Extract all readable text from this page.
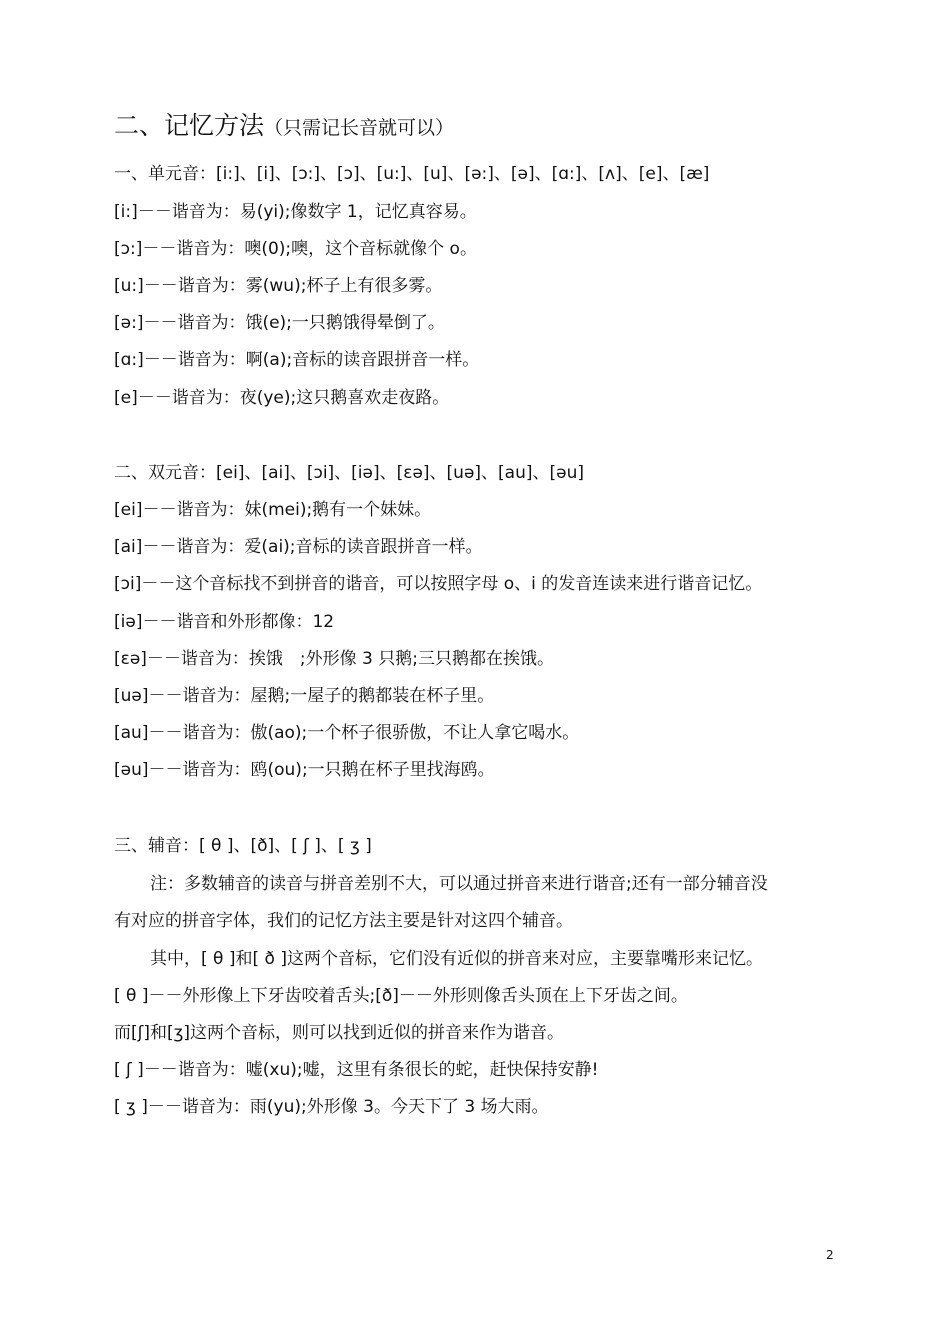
二、记忆方法（只需记长音就可以）
一、单元音：[i:]、[i]、[ɔ:]、[ɔ]、[u:]、[u]、[ə:]、[ə]、[ɑ:]、[ʌ]、[e]、[æ]
[i:]－－谐音为：易(yi);像数字 1，记忆真容易。
[ɔ:]－－谐音为：噢(0);噢，这个音标就像个 o。
[u:]－－谐音为：雾(wu);杯子上有很多雾。
[ə:]－－谐音为：饿(e);一只鹅饿得晕倒了。
[ɑ:]－－谐音为：啊(a);音标的读音跟拼音一样。
[e]－－谐音为：夜(ye);这只鹅喜欢走夜路。
二、双元音：[ei]、[ai]、[ɔi]、[iə]、[εə]、[uə]、[au]、[əu]
[ei]－－谐音为：妹(mei);鹅有一个妹妹。
[ai]－－谐音为：爱(ai);音标的读音跟拼音一样。
[ɔi]－－这个音标找不到拼音的谐音，可以按照字母 o、i 的发音连读来进行谐音记忆。
[iə]－－谐音和外形都像：12
[εə]－－谐音为：挨饿　;外形像 3 只鹅;三只鹅都在挨饿。
[uə]－－谐音为：屋鹅;一屋子的鹅都装在杯子里。
[au]－－谐音为：傲(ao);一个杯子很骄傲，不让人拿它喝水。
[əu]－－谐音为：鸥(ou);一只鹅在杯子里找海鸥。
三、辅音：[ θ ]、[ð]、[ ʃ ]、[ ʒ ]
注：多数辅音的读音与拼音差别不大，可以通过拼音来进行谐音;还有一部分辅音没
有对应的拼音字体，我们的记忆方法主要是针对这四个辅音。
其中，[ θ ]和[ ð ]这两个音标，它们没有近似的拼音来对应，主要靠嘴形来记忆。
[ θ ]－－外形像上下牙齿咬着舌头;[ð]－－外形则像舌头顶在上下牙齿之间。
而[ʃ]和[ʒ]这两个音标，则可以找到近似的拼音来作为谐音。
[ ʃ ]－－谐音为：嘘(xu);嘘，这里有条很长的蛇，赶快保持安静!
[ ʒ ]－－谐音为：雨(yu);外形像 3。今天下了 3 场大雨。
2
